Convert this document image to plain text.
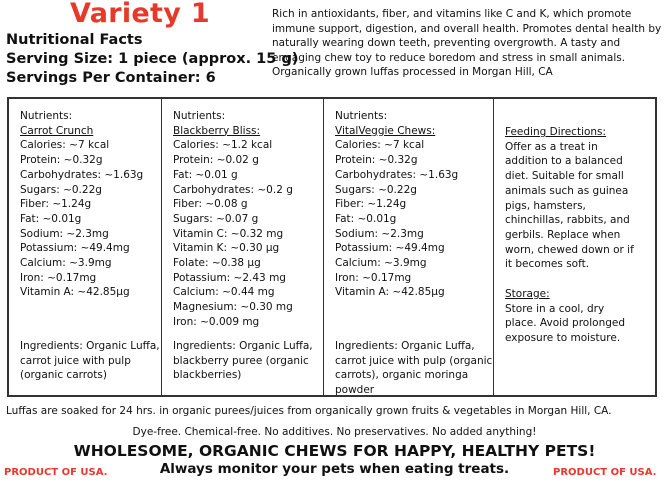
Variety 1
Nutritional Facts
Serving Size: 1 piece (approx. 15 g)
Servings Per Container: 6
Rich in antioxidants, fiber, and vitamins like C and K, which promote immune support, digestion, and overall health. Promotes dental health by naturally wearing down teeth, preventing overgrowth. A tasty and engaging chew toy to reduce boredom and stress in small animals. Organically grown luffas processed in Morgan Hill, CA
Nutrients:
Carrot Crunch
Calories: ~7 kcal
Protein: ~0.32g
Carbohydrates: ~1.63g
Sugars: ~0.22g
Fiber: ~1.24g
Fat: ~0.01g
Sodium: ~2.3mg
Potassium: ~49.4mg
Calcium: ~3.9mg
Iron: ~0.17mg
Vitamin A: ~42.85μg
Ingredients: Organic Luffa, carrot juice with pulp (organic carrots)
Nutrients:
Blackberry Bliss:
Calories: ~1.2 kcal
Protein: ~0.02 g
Fat: ~0.01 g
Carbohydrates: ~0.2 g
Fiber: ~0.08 g
Sugars: ~0.07 g
Vitamin C: ~0.32 mg
Vitamin K: ~0.30 μg
Folate: ~0.38 μg
Potassium: ~2.43 mg
Calcium: ~0.44 mg
Magnesium: ~0.30 mg
Iron: ~0.009 mg
Ingredients: Organic Luffa, blackberry puree (organic blackberries)
Nutrients:
VitalVeggie Chews:
Calories: ~7 kcal
Protein: ~0.32g
Carbohydrates: ~1.63g
Sugars: ~0.22g
Fiber: ~1.24g
Fat: ~0.01g
Sodium: ~2.3mg
Potassium: ~49.4mg
Calcium: ~3.9mg
Iron: ~0.17mg
Vitamin A: ~42.85μg
Ingredients: Organic Luffa, carrot juice with pulp (organic carrots), organic moringa powder
Feeding Directions:
Offer as a treat in addition to a balanced diet. Suitable for small animals such as guinea pigs, hamsters, chinchillas, rabbits, and gerbils. Replace when worn, chewed down or if it becomes soft.
Storage:
Store in a cool, dry place. Avoid prolonged exposure to moisture.
Luffas are soaked for 24 hrs. in organic purees/juices from organically grown fruits & vegetables in Morgan Hill, CA.
Dye-free. Chemical-free. No additives. No preservatives. No added anything!
WHOLESOME, ORGANIC CHEWS FOR HAPPY, HEALTHY PETS!
Always monitor your pets when eating treats.
PRODUCT OF USA.	PRODUCT OF USA.
